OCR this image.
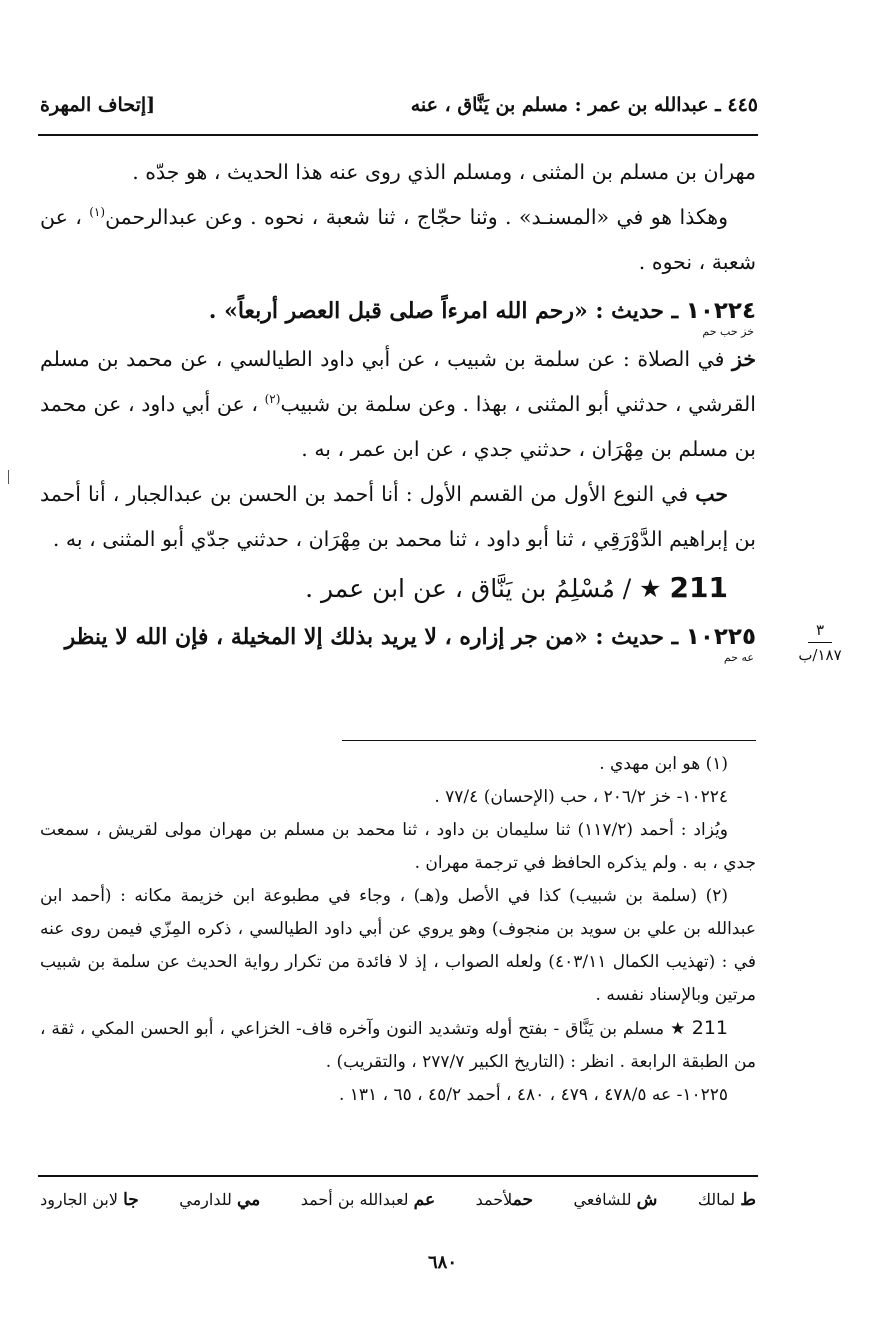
٤٤٥ ـ عبدالله بن عمر : مسلم بن يَنَّاق ، عنه
[إتحاف المهرة

مهران بن مسلم بن المثنى ، ومسلم الذي روى عنه هذا الحديث ، هو جدّه .

وهكذا هو في «المسنـد» . وثنا حجّاج ، ثنا شعبة ، نحوه . وعن عبدالرحمن$^{(١)}$ ، عن شعبة ، نحوه .

١٠٢٢٤ ـ حديث : «رحم الله امرءاً صلى قبل العصر أربعاً» .

خز حب حم

خز في الصلاة : عن سلمة بن شبيب ، عن أبي داود الطيالسي ، عن محمد بن مسلم القرشي ، حدثني أبو المثنى ، بهذا . وعن سلمة بن شبيب$^{(٢)}$ ، عن أبي داود ، عن محمد بن مسلم بن مِهْرَان ، حدثني جدي ، عن ابن عمر ، به .

حب في النوع الأول من القسم الأول : أنا أحمد بن الحسن بن عبدالجبار ، أنا أحمد بن إبراهيم الدَّوْرَقِي ، ثنا أبو داود ، ثنا محمد بن مِهْرَان ، حدثني جدّي أبو المثنى ، به .

211 ★ / مُسْلِمُ بن يَنَّاق ، عن ابن عمر .

١٠٢٢٥ ـ حديث : «من جر إزاره ، لا يريد بذلك إلا المخيلة ، فإن الله لا ينظر

عه حم
٣
١٨٧/ب

(١) هو ابن مهدي .

١٠٢٢٤- خز ٢٠٦/٢ ، حب (الإحسان) ٧٧/٤ .

ويُزاد : أحمد (١١٧/٢) ثنا سليمان بن داود ، ثنا محمد بن مسلم بن مهران مولى لقريش ، سمعت جدي ، به . ولم يذكره الحافظ في ترجمة مهران .

(٢) (سلمة بن شبيب) كذا في الأصل و(هـ) ، وجاء في مطبوعة ابن خزيمة مكانه : (أحمد ابن عبدالله بن علي بن سويد بن منجوف) وهو يروي عن أبي داود الطيالسي ، ذكره المِزّي فيمن روى عنه في : (تهذيب الكمال ٤٠٣/١١) ولعله الصواب ، إذ لا فائدة من تكرار رواية الحديث عن سلمة بن شبيب مرتين وبالإسناد نفسه .

211 ★ مسلم بن يَنَّاق - بفتح أوله وتشديد النون وآخره قاف- الخزاعي ، أبو الحسن المكي ، ثقة ، من الطبقة الرابعة . انظر : (التاريخ الكبير ٢٧٧/٧ ، والتقريب) .

١٠٢٢٥- عه ٤٧٨/٥ ، ٤٧٩ ، ٤٨٠ ، أحمد ٤٥/٢ ، ٦٥ ، ١٣١ .

ط لمالك
ش للشافعي
حملأحمد
عم لعبدالله بن أحمد
مي للدارمي
جا لابن الجارود
٦٨٠
